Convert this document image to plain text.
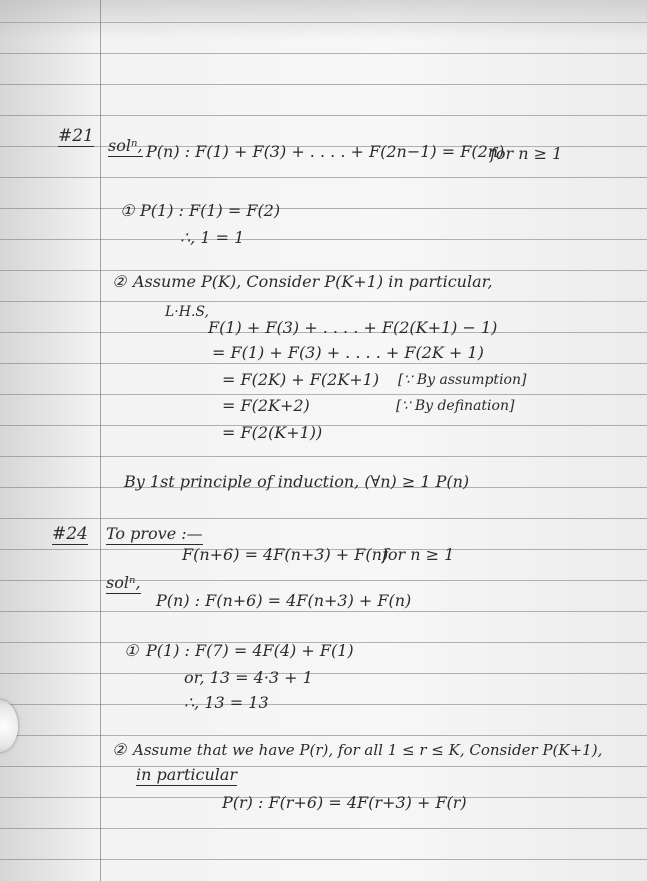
#21 solⁿ, P(n) : F(1) + F(3) + . . . . + F(2n−1) = F(2n)
for n ≥ 1
① P(1) : F(1) = F(2)
∴, 1 = 1
② Assume P(K), Consider P(K+1) in particular,
L·H.S,
F(1) + F(3) + . . . . + F(2(K+1) − 1)
= F(1) + F(3) + . . . . + F(2K + 1)
= F(2K) + F(2K+1) [∵ By assumption]
= F(2K+2)	[∵ By defination]
= F(2(K+1))
By 1st principle of induction, (∀n) ≥ 1 P(n)
#24 To prove :—
F(n+6) = 4F(n+3) + F(n)
for n ≥ 1
solⁿ,
P(n) : F(n+6) = 4F(n+3) + F(n)
① P(1) : F(7) = 4F(4) + F(1)
or, 13 = 4·3 + 1
∴, 13 = 13
② Assume that we have P(r), for all 1 ≤ r ≤ K, Consider P(K+1),
in particular
P(r) : F(r+6) = 4F(r+3) + F(r)
